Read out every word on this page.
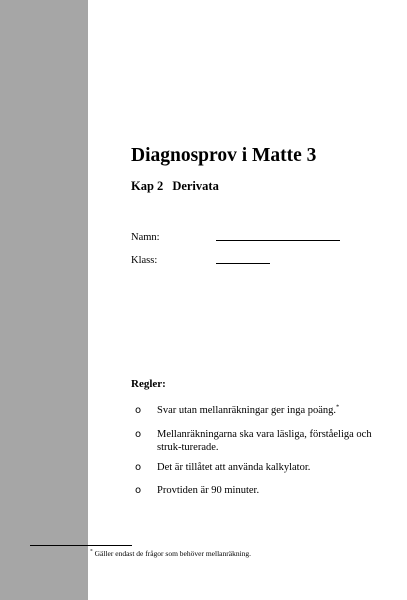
Diagnosprov i Matte 3
Kap 2 Derivata
Namn:
Klass:
Regler:
o Svar utan mellanräkningar ger inga poäng.*
o Mellanräkningarna ska vara läsliga, förståeliga och struk-turerade.
o Det är tillåtet att använda kalkylator.
o Provtiden är 90 minuter.
* Gäller endast de frågor som behöver mellanräkning.
